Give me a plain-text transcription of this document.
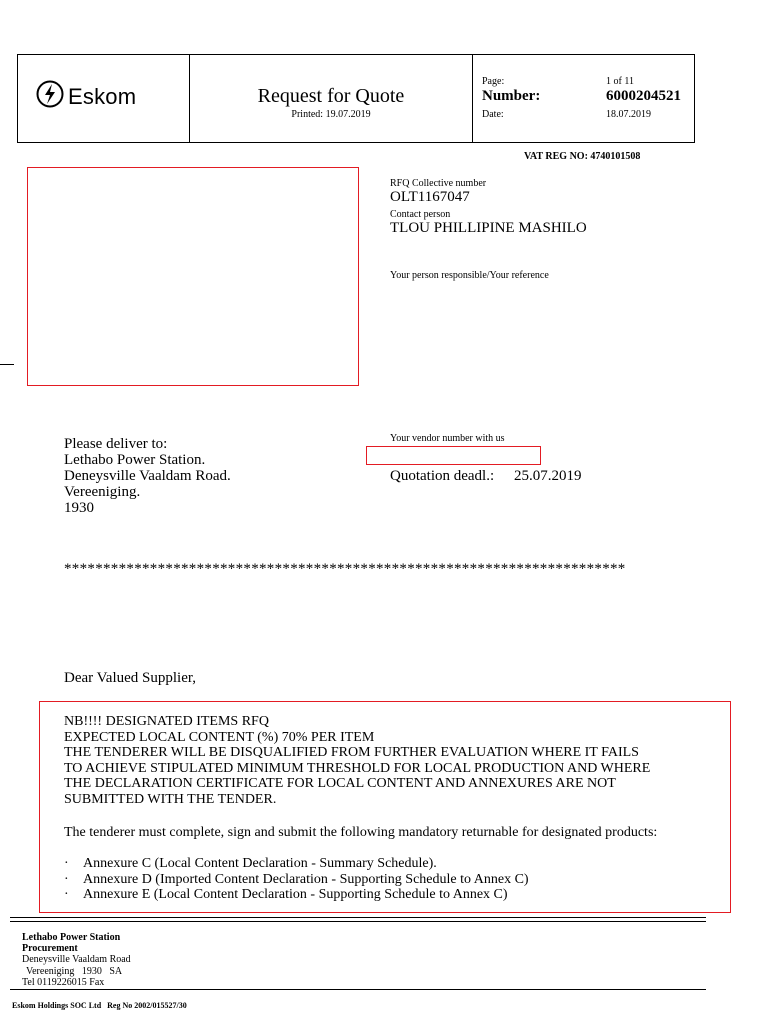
Eskom	Request for Quote
Printed: 19.07.2019
Page:	1 of 11
Number:	6000204521
Date:	18.07.2019
VAT REG NO: 4740101508
RFQ Collective number
OLT1167047
Contact person
TLOU PHILLIPINE MASHILO
Your person responsible/Your reference
Your vendor number with us
Quotation deadl.: 25.07.2019
Please deliver to:
Lethabo Power Station.
Deneysville Vaaldam Road.
Vereeniging.
1930
************************************************************************
Dear Valued Supplier,
NB!!!! DESIGNATED ITEMS RFQ
EXPECTED LOCAL CONTENT (%) 70% PER ITEM
THE TENDERER WILL BE DISQUALIFIED FROM FURTHER EVALUATION WHERE IT FAILS
TO ACHIEVE STIPULATED MINIMUM THRESHOLD FOR LOCAL PRODUCTION AND WHERE
THE DECLARATION CERTIFICATE FOR LOCAL CONTENT AND ANNEXURES ARE NOT
SUBMITTED WITH THE TENDER.
The tenderer must complete, sign and submit the following mandatory returnable for designated products:
·	Annexure C (Local Content Declaration - Summary Schedule).
·	Annexure D (Imported Content Declaration - Supporting Schedule to Annex C)
·	Annexure E (Local Content Declaration - Supporting Schedule to Annex C)
Lethabo Power Station
Procurement
Deneysville Vaaldam Road
Vereeniging   1930   SA
Tel 0119226015 Fax
Eskom Holdings SOC Ltd   Reg No 2002/015527/30
